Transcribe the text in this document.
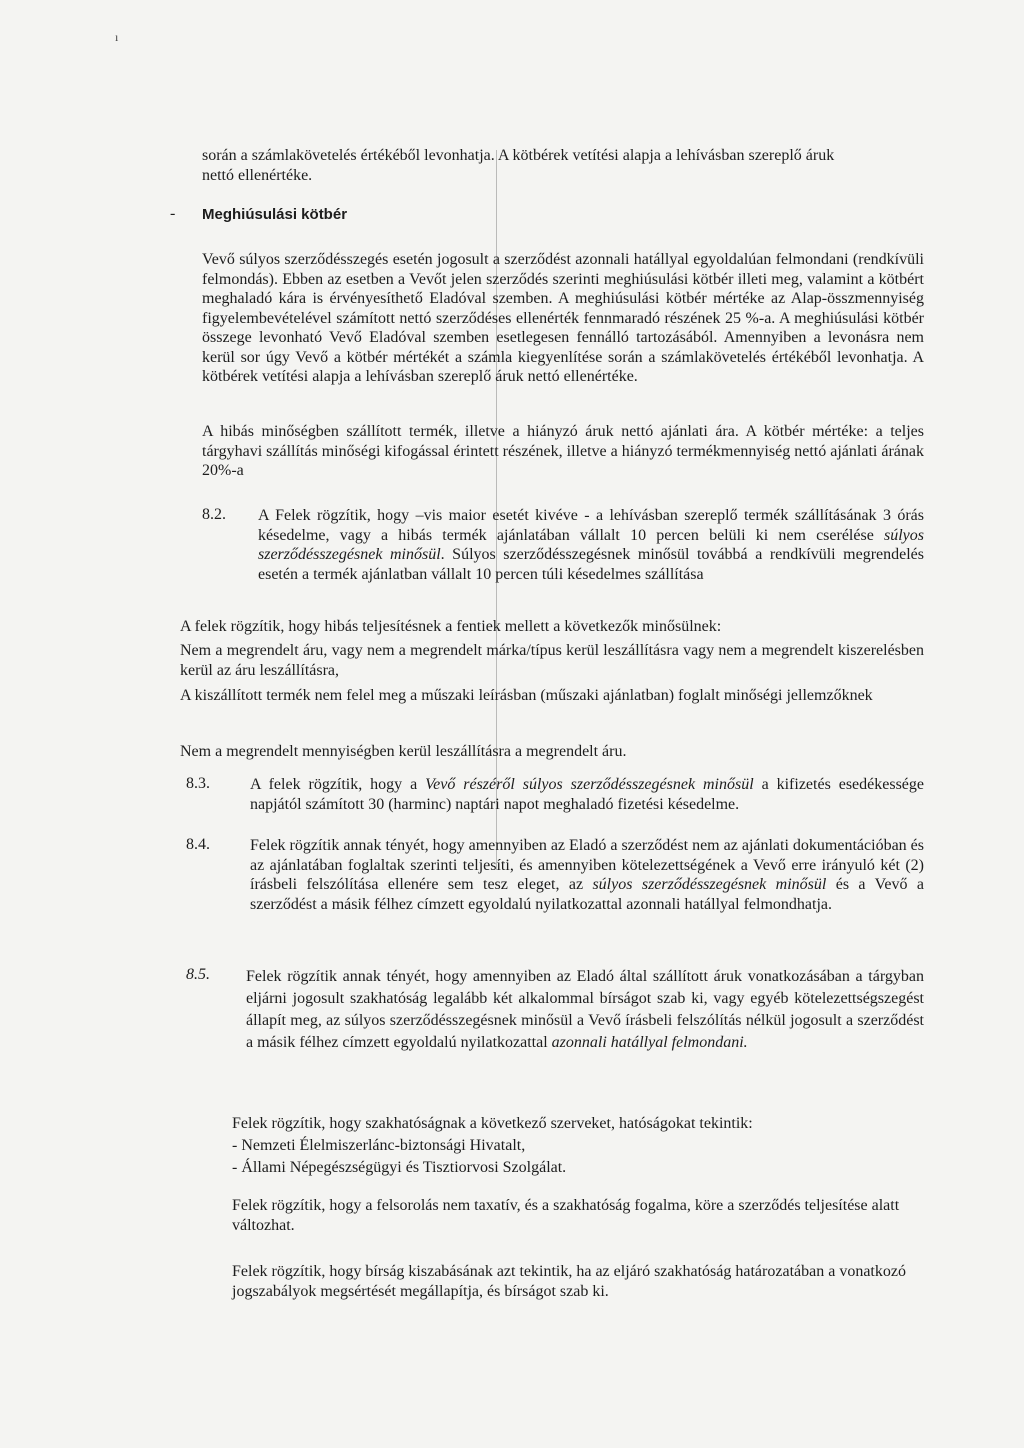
ı
során a számlakövetelés értékéből levonhatja. A kötbérek vetítési alapja a lehívásban szereplő áruk
nettó ellenértéke.
- Meghiúsulási kötbér

Vevő súlyos szerződésszegés esetén jogosult a szerződést azonnali hatállyal egyoldalúan felmondani (rendkívüli felmondás). Ebben az esetben a Vevőt jelen szerződés szerinti meghiúsulási kötbér illeti meg, valamint a kötbért meghaladó kára is érvényesíthető Eladóval szemben. A meghiúsulási kötbér mértéke az Alap-összmennyiség figyelembevételével számított nettó szerződéses ellenérték fennmaradó részének 25 %-a. A meghiúsulási kötbér összege levonható Vevő Eladóval szemben esetlegesen fennálló tartozásából. Amennyiben a levonásra nem kerül sor úgy Vevő a kötbér mértékét a számla kiegyenlítése során a számlakövetelés értékéből levonhatja. A kötbérek vetítési alapja a lehívásban szereplő áruk nettó ellenértéke.

A hibás minőségben szállított termék, illetve a hiányzó áruk nettó ajánlati ára. A kötbér mértéke: a teljes tárgyhavi szállítás minőségi kifogással érintett részének, illetve a hiányzó termékmennyiség nettó ajánlati árának 20%-a

8.2. A Felek rögzítik, hogy –vis maior esetét kivéve - a lehívásban szereplő termék szállításának 3 órás késedelme, vagy a hibás termék ajánlatában vállalt 10 percen belüli ki nem cserélése súlyos szerződésszegésnek minősül. Súlyos szerződésszegésnek minősül továbbá a rendkívüli megrendelés esetén a termék ajánlatban vállalt 10 percen túli késedelmes szállítása

A felek rögzítik, hogy hibás teljesítésnek a fentiek mellett a következők minősülnek:

Nem a megrendelt áru, vagy nem a megrendelt márka/típus kerül leszállításra vagy nem a megrendelt kiszerelésben kerül az áru leszállításra,

A kiszállított termék nem felel meg a műszaki leírásban (műszaki ajánlatban) foglalt minőségi jellemzőknek

Nem a megrendelt mennyiségben kerül leszállításra a megrendelt áru.

8.3.	A felek rögzítik, hogy a Vevő részéről súlyos szerződésszegésnek minősül a kifizetés esedékessége napjától számított 30 (harminc) naptári napot meghaladó fizetési késedelme.

8.4.	Felek rögzítik annak tényét, hogy amennyiben az Eladó a szerződést nem az ajánlati dokumentációban és az ajánlatában foglaltak szerinti teljesíti, és amennyiben kötelezettségének a Vevő erre irányuló két (2) írásbeli felszólítása ellenére sem tesz eleget, az súlyos szerződésszegésnek minősül és a Vevő a szerződést a másik félhez címzett egyoldalú nyilatkozattal azonnali hatállyal felmondhatja.

8.5. Felek rögzítik annak tényét, hogy amennyiben az Eladó által szállított áruk vonatkozásában a tárgyban eljárni jogosult szakhatóság legalább két alkalommal bírságot szab ki, vagy egyéb kötelezettségszegést állapít meg, az súlyos szerződésszegésnek minősül a Vevő írásbeli felszólítás nélkül jogosult a szerződést a másik félhez címzett egyoldalú nyilatkozattal azonnali hatállyal felmondani.

Felek rögzítik, hogy szakhatóságnak a következő szerveket, hatóságokat tekintik:

- Nemzeti Élelmiszerlánc-biztonsági Hivatalt,

- Állami Népegészségügyi és Tisztiorvosi Szolgálat.

Felek rögzítik, hogy a felsorolás nem taxatív, és a szakhatóság fogalma, köre a szerződés teljesítése alatt változhat.

Felek rögzítik, hogy bírság kiszabásának azt tekintik, ha az eljáró szakhatóság határozatában a vonatkozó jogszabályok megsértését megállapítja, és bírságot szab ki.
